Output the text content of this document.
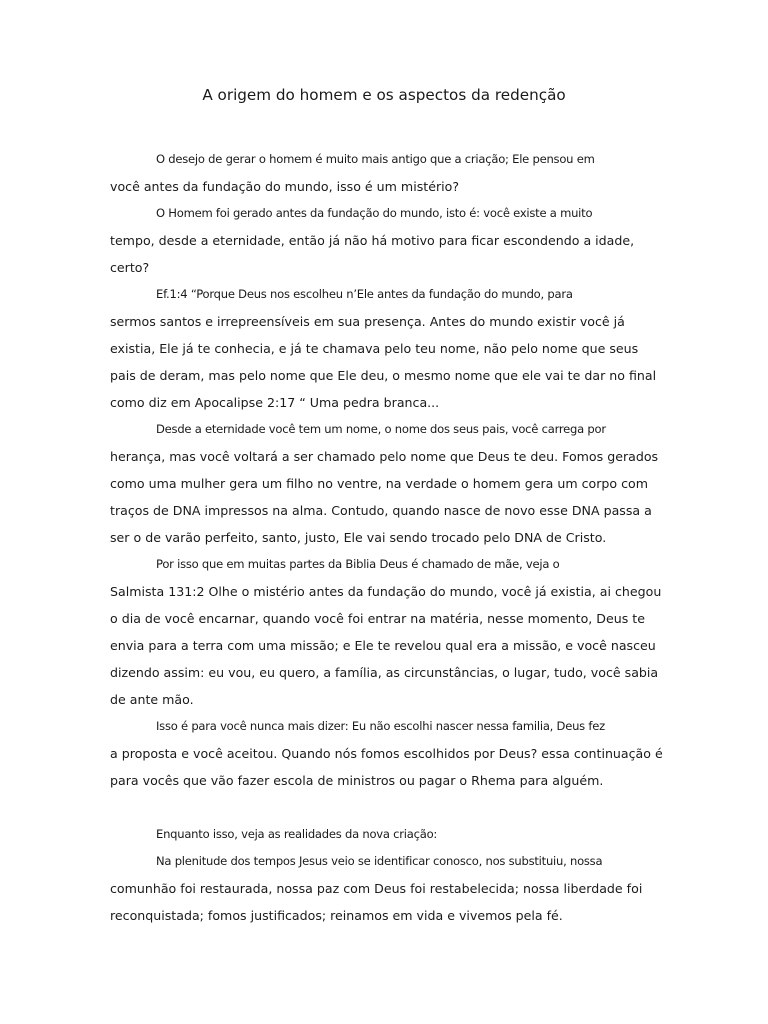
A origem do homem e os aspectos da redenção

O desejo de gerar o homem é muito mais antigo que a criação; Ele pensou em
você antes da fundação do mundo, isso é um mistério?

O Homem foi gerado antes da fundação do mundo, isto é: você existe a muito
tempo, desde a eternidade, então já não há motivo para ficar escondendo a idade,
certo?

Ef.1:4 “Porque Deus nos escolheu n’Ele antes da fundação do mundo, para
sermos santos e irrepreensíveis em sua presença. Antes do mundo existir você já
existia, Ele já te conhecia, e já te chamava pelo teu nome, não pelo nome que seus
pais de deram, mas pelo nome que Ele deu, o mesmo nome que ele vai te dar no final
como diz em Apocalipse 2:17 “ Uma pedra branca...

Desde a eternidade você tem um nome, o nome dos seus pais, você carrega por
herança, mas você voltará a ser chamado pelo nome que Deus te deu. Fomos gerados
como uma mulher gera um filho no ventre, na verdade o homem gera um corpo com
traços de DNA impressos na alma. Contudo, quando nasce de novo esse DNA passa a
ser o de varão perfeito, santo, justo, Ele vai sendo trocado pelo DNA de Cristo.

Por isso que em muitas partes da Biblia Deus é chamado de mãe, veja o
Salmista 131:2 Olhe o mistério antes da fundação do mundo, você já existia, ai chegou
o dia de você encarnar, quando você foi entrar na matéria, nesse momento, Deus te
envia para a terra com uma missão; e Ele te revelou qual era a missão, e você nasceu
dizendo assim: eu vou, eu quero, a família, as circunstâncias, o lugar, tudo, você sabia
de ante mão.

Isso é para você nunca mais dizer: Eu não escolhi nascer nessa familia, Deus fez
a proposta e você aceitou. Quando nós fomos escolhidos por Deus? essa continuação é
para vocês que vão fazer escola de ministros ou pagar o Rhema para alguém.

Enquanto isso, veja as realidades da nova criação:

Na plenitude dos tempos Jesus veio se identificar conosco, nos substituiu, nossa
comunhão foi restaurada, nossa paz com Deus foi restabelecida; nossa liberdade foi
reconquistada; fomos justificados; reinamos em vida e vivemos pela fé.
